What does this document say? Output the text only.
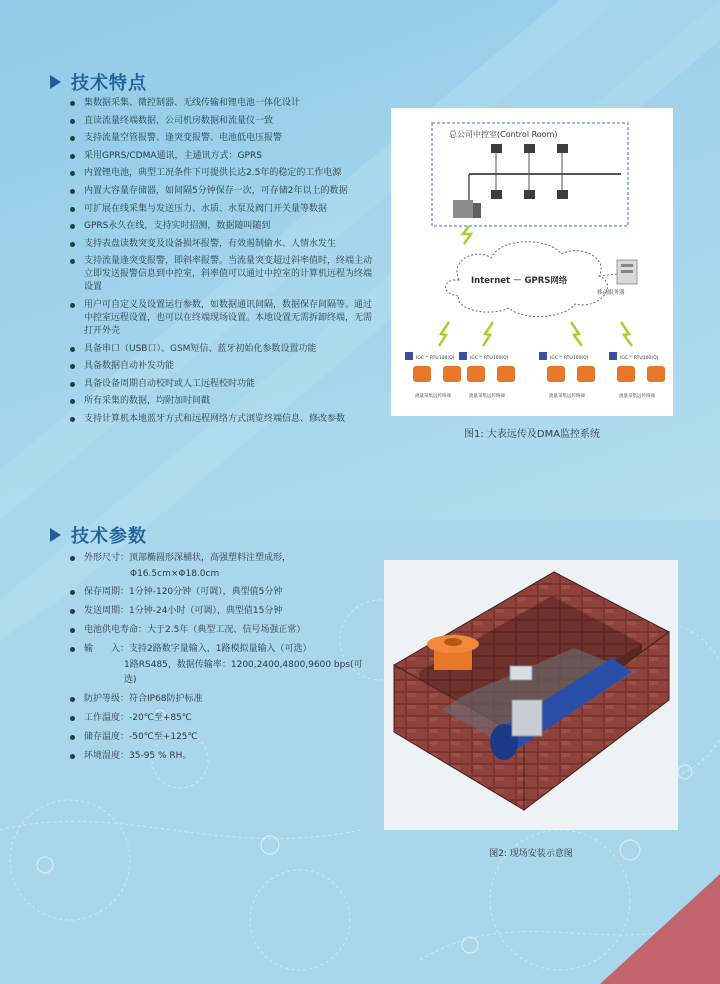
技术特点
集数据采集、微控制器、无线传输和锂电池一体化设计
直读流量终端数据，公司机房数据和流量仪一致
支持流量空管报警、逢突变报警、电池低电压报警
采用GPRS/CDMA通讯，主通讯方式：GPRS
内置锂电池，典型工况条件下可提供长达2.5年的稳定的工作电源
内置大容量存储器，如间隔5分钟保存一次，可存储2年以上的数据
可扩展在线采集与发送压力、水质、水泵及阀门开关量等数据
GPRS永久在线，支持实时招测，数据随叫随到
支持表盘读数突变及设备损坏报警，有效遏制偷水、人情水发生
支持流量逢突变报警，即斜率报警。当流量突变超过斜率值时，终端主动立即发送报警信息到中控室，斜率值可以通过中控室的计算机远程为终端设置
用户可自定义及设置运行参数，如数据通讯间隔，数据保存间隔等。通过中控室远程设置，也可以在终端现场设置。本地设置无需拆卸终端，无需打开外壳
具备串口（USB口）、GSM短信、蓝牙初始化参数设置功能
具备数据自动补发功能
具备设备周期自动校时或人工远程校时功能
所有采集的数据，均附加时间戳
支持计算机本地蓝牙方式和远程网络方式浏览终端信息、修改参数
总公司中控室(Control Room)
Internet － GPRS网络
移动服务器
IGC™ RTU100(Q)
流量采集远传终端
IGC™ RTU100(Q)
流量采集远传终端
IGC™ RTU100(Q)
流量采集远传终端
IGC™ RTU100(Q)
流量采集远传终端
图1: 大表远传及DMA监控系统
技术参数
外形尺寸：顶部椭圆形深桶状，高强塑料注塑成形，
Φ16.5cm×Φ18.0cm
保存周期：1分钟-120分钟（可调），典型值5分钟
发送周期：1分钟-24小时（可调），典型值15分钟
电池供电寿命：大于2.5年（典型工况、信号场强正常）
输　　入：支持2路数字量输入，1路模拟量输入（可选）
1路RS485，数据传输率：1200,2400,4800,9600 bps(可选)
防护等级：符合IP68防护标准
工作温度：-20℃至+85℃
储存温度：-50℃至+125℃
环境湿度：35-95 % RH。
图2: 现场安装示意图
